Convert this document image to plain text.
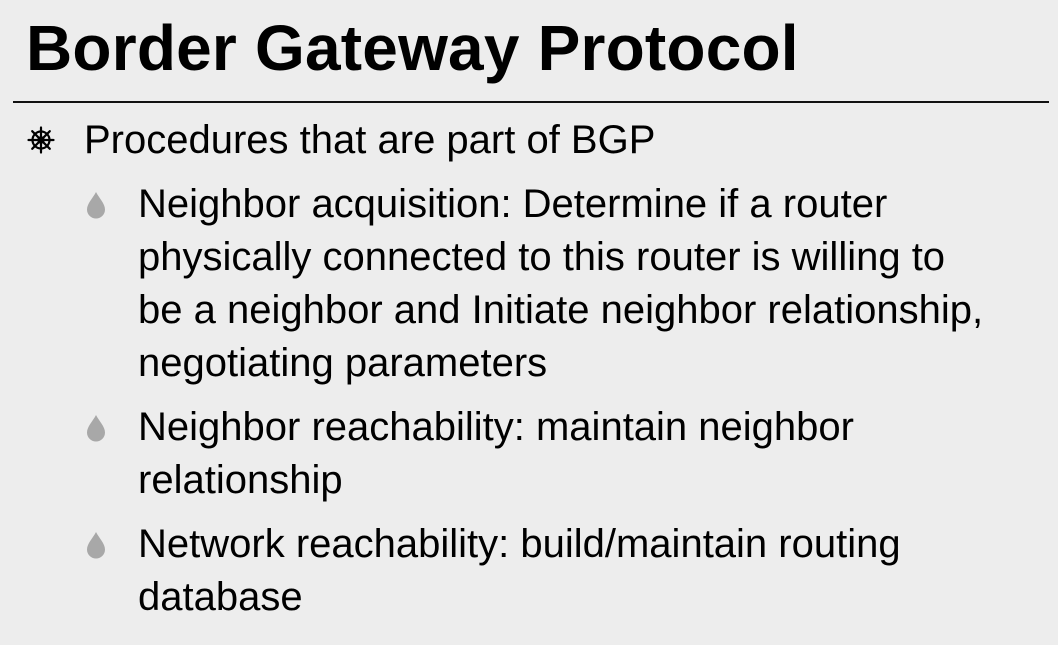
Border Gateway Protocol
Procedures that are part of BGP
Neighbor acquisition: Determine if a router physically connected to this router is willing to be a neighbor and Initiate neighbor relationship, negotiating parameters
Neighbor reachability: maintain neighbor relationship
Network reachability: build/maintain routing database
